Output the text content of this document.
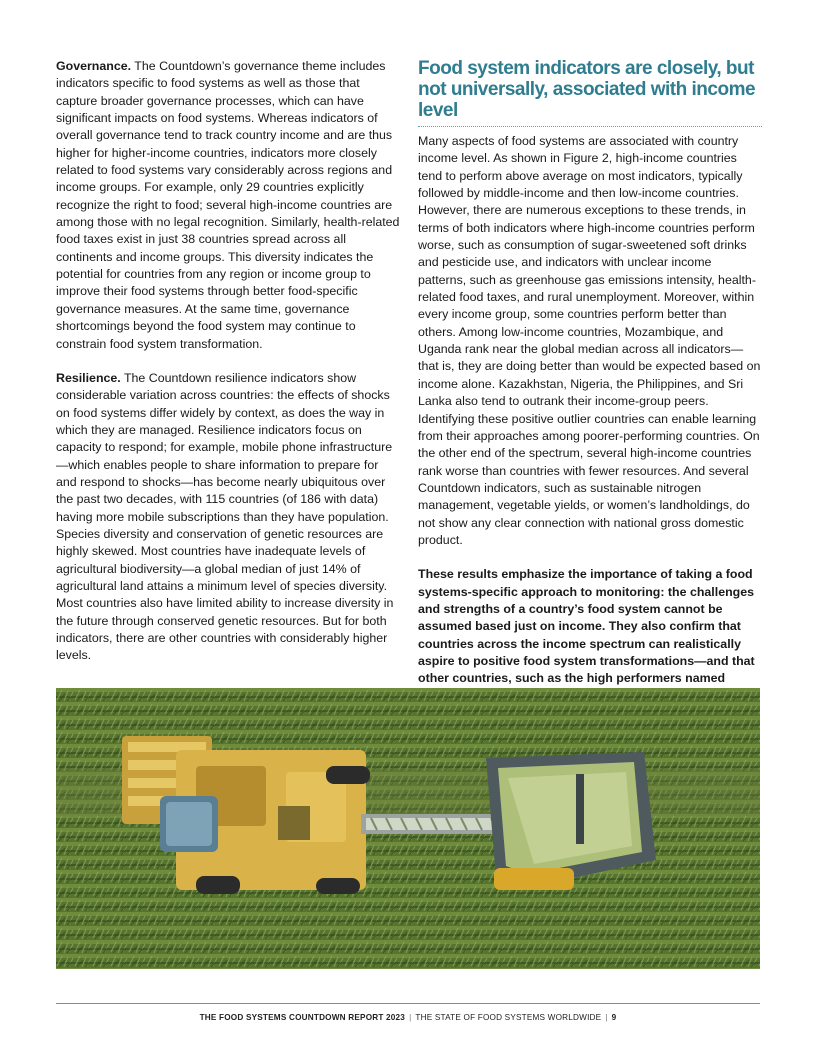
Governance. The Countdown’s governance theme includes indicators specific to food systems as well as those that capture broader governance processes, which can have significant impacts on food systems. Whereas indicators of overall governance tend to track country income and are thus higher for higher-income countries, indicators more closely related to food systems vary considerably across regions and income groups. For example, only 29 countries explicitly recognize the right to food; several high-income countries are among those with no legal recognition. Similarly, health-related food taxes exist in just 38 countries spread across all continents and income groups. This diversity indicates the potential for countries from any region or income group to improve their food systems through better food-specific governance measures. At the same time, governance shortcomings beyond the food system may continue to constrain food system transformation.

Resilience. The Countdown resilience indicators show considerable variation across countries: the effects of shocks on food systems differ widely by context, as does the way in which they are managed. Resilience indicators focus on capacity to respond; for example, mobile phone infrastructure—which enables people to share information to prepare for and respond to shocks—has become nearly ubiquitous over the past two decades, with 115 countries (of 186 with data) having more mobile subscriptions than they have population. Species diversity and conservation of genetic resources are highly skewed. Most countries have inadequate levels of agricultural biodiversity—a global median of just 14% of agricultural land attains a minimum level of species diversity. Most countries also have limited ability to increase diversity in the future through conserved genetic resources. But for both indicators, there are other countries with considerably higher levels.

Food system indicators are closely, but not universally, associated with income level

Many aspects of food systems are associated with country income level. As shown in Figure 2, high-income countries tend to perform above average on most indicators, typically followed by middle-income and then low-income countries. However, there are numerous exceptions to these trends, in terms of both indicators where high-income countries perform worse, such as consumption of sugar-sweetened soft drinks and pesticide use, and indicators with unclear income patterns, such as greenhouse gas emissions intensity, health-related food taxes, and rural unemployment. Moreover, within every income group, some countries perform better than others. Among low-income countries, Mozambique, and Uganda rank near the global median across all indicators—that is, they are doing better than would be expected based on income alone. Kazakhstan, Nigeria, the Philippines, and Sri Lanka also tend to outrank their income-group peers. Identifying these positive outlier countries can enable learning from their approaches among poorer-performing countries. On the other end of the spectrum, several high-income countries rank worse than countries with fewer resources. And several Countdown indicators, such as sustainable nitrogen management, vegetable yields, or women’s landholdings, do not show any clear connection with national gross domestic product.

These results emphasize the importance of taking a food systems-specific approach to monitoring: the challenges and strengths of a country’s food system cannot be assumed based just on income. They also confirm that countries across the income spectrum can realistically aspire to positive food system transformations—and that other countries, such as the high performers named

THE FOOD SYSTEMS COUNTDOWN REPORT 2023 | THE STATE OF FOOD SYSTEMS WORLDWIDE | 9
